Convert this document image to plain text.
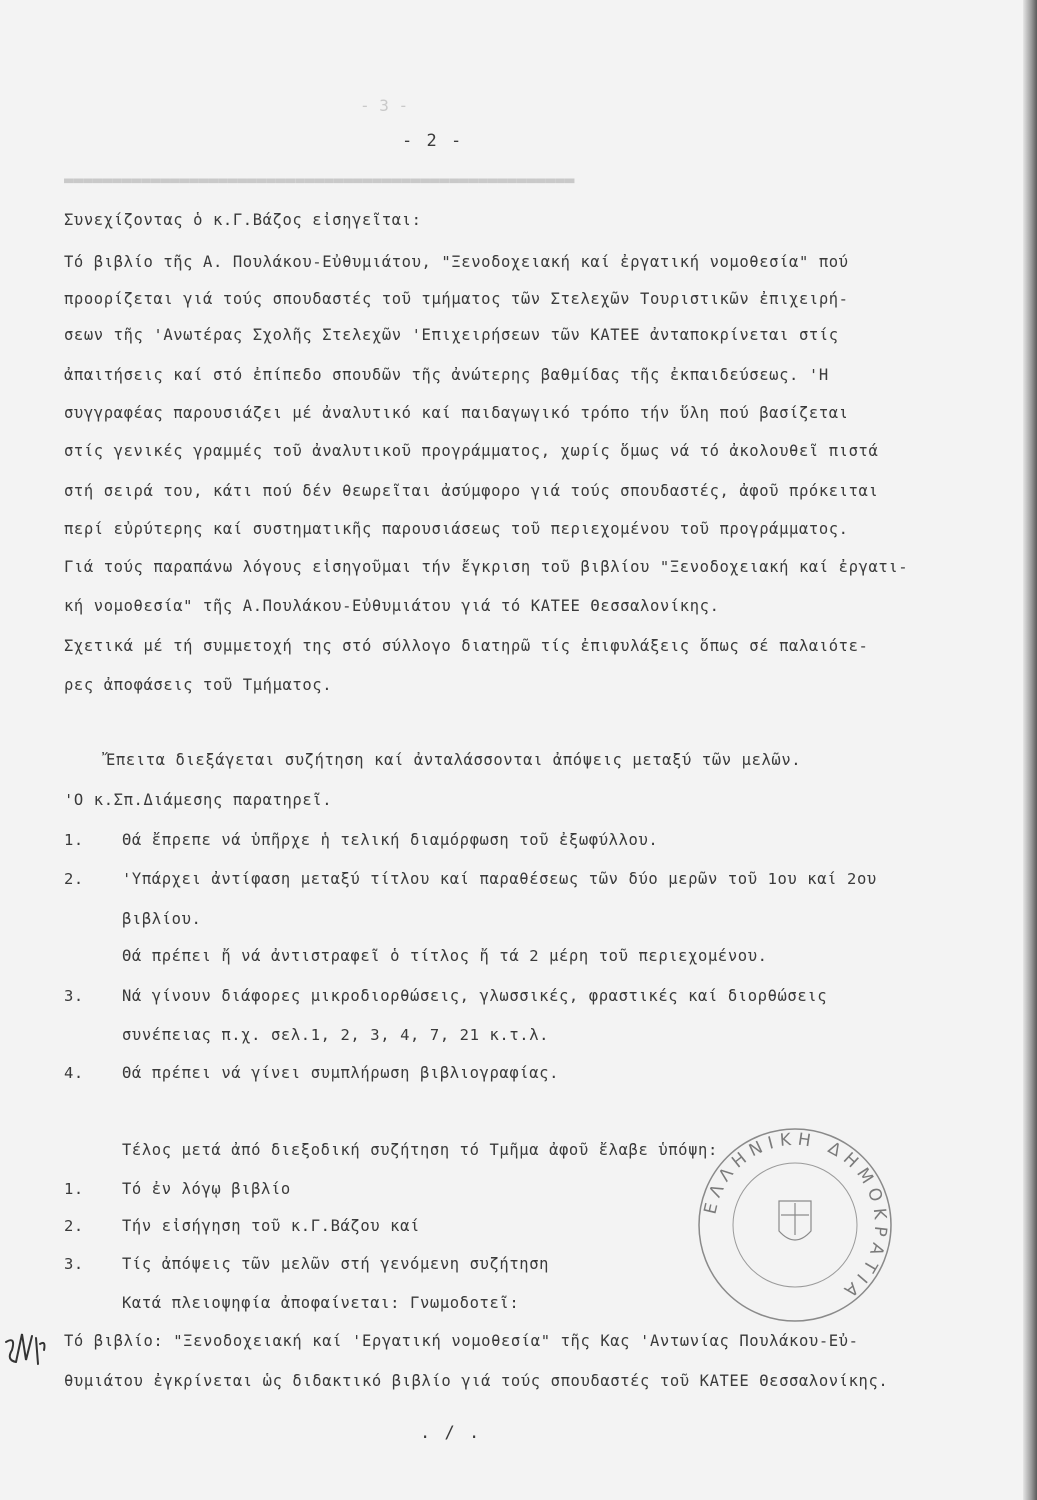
- 3 -
▬▬▬▬▬▬▬▬▬▬▬▬▬▬▬▬▬▬▬▬▬▬▬▬▬▬▬▬▬▬▬▬▬▬▬▬▬▬▬▬▬▬▬▬▬▬▬▬▬▬▬▬▬
- 2 -
Συνεχίζοντας ὁ κ.Γ.Βάζος εἰσηγεῖται:
Τό βιβλίο τῆς Α. Πουλάκου-Εὐθυμιάτου, "Ξενοδοχειακή καί ἐργατική νομοθεσία" πού
προορίζεται γιά τούς σπουδαστές τοῦ τμήματος τῶν Στελεχῶν Τουριστικῶν ἐπιχειρή-
σεων τῆς 'Ανωτέρας Σχολῆς Στελεχῶν 'Επιχειρήσεων τῶν ΚΑΤΕΕ ἀνταποκρίνεται στίς
ἀπαιτήσεις καί στό ἐπίπεδο σπουδῶν τῆς ἀνώτερης βαθμίδας τῆς ἐκπαιδεύσεως. 'Η
συγγραφέας παρουσιάζει μέ ἀναλυτικό καί παιδαγωγικό τρόπο τήν ὕλη πού βασίζεται
στίς γενικές γραμμές τοῦ ἀναλυτικοῦ προγράμματος, χωρίς ὅμως νά τό ἀκολουθεῖ πιστά
στή σειρά του, κάτι πού δέν θεωρεῖται ἀσύμφορο γιά τούς σπουδαστές, ἀφοῦ πρόκειται
περί εὐρύτερης καί συστηματικῆς παρουσιάσεως τοῦ περιεχομένου τοῦ προγράμματος.
Γιά τούς παραπάνω λόγους εἰσηγοῦμαι τήν ἔγκριση τοῦ βιβλίου "Ξενοδοχειακή καί ἐργατι-
κή νομοθεσία" τῆς Α.Πουλάκου-Εὐθυμιάτου γιά τό ΚΑΤΕΕ Θεσσαλονίκης.
Σχετικά μέ τή συμμετοχή της στό σύλλογο διατηρῶ τίς ἐπιφυλάξεις ὅπως σέ παλαιότε-
ρες ἀποφάσεις τοῦ Τμήματος.
Ἔπειτα διεξάγεται συζήτηση καί ἀνταλάσσονται ἀπόψεις μεταξύ τῶν μελῶν.
'Ο κ.Σπ.Διάμεσης παρατηρεῖ.
1. Θά ἔπρεπε νά ὑπῆρχε ἡ τελική διαμόρφωση τοῦ ἐξωφύλλου.
2. 'Υπάρχει ἀντίφαση μεταξύ τίτλου καί παραθέσεως τῶν δύο μερῶν τοῦ 1ου καί 2ου
βιβλίου.
Θά πρέπει ἤ νά ἀντιστραφεῖ ὁ τίτλος ἤ τά 2 μέρη τοῦ περιεχομένου.
3. Νά γίνουν διάφορες μικροδιορθώσεις, γλωσσικές, φραστικές καί διορθώσεις
συνέπειας π.χ. σελ.1, 2, 3, 4, 7, 21 κ.τ.λ.
4. Θά πρέπει νά γίνει συμπλήρωση βιβλιογραφίας.
Τέλος μετά ἀπό διεξοδική συζήτηση τό Τμῆμα ἀφοῦ ἔλαβε ὑπόψη:
1. Τό ἐν λόγῳ βιβλίο
2. Τήν εἰσήγηση τοῦ κ.Γ.Βάζου καί
3. Τίς ἀπόψεις τῶν μελῶν στή γενόμενη συζήτηση
Κατά πλειοψηφία ἀποφαίνεται: Γνωμοδοτεῖ:
Τό βιβλίο: "Ξενοδοχειακή καί 'Εργατική νομοθεσία" τῆς Κας 'Αντωνίας Πουλάκου-Εὐ-
θυμιάτου ἐγκρίνεται ὡς διδακτικό βιβλίο γιά τούς σπουδαστές τοῦ ΚΑΤΕΕ Θεσσαλονίκης.
. / .
ΕΛΛΗΝΙΚΗ ΔΗΜΟΚΡΑΤΙΑ
